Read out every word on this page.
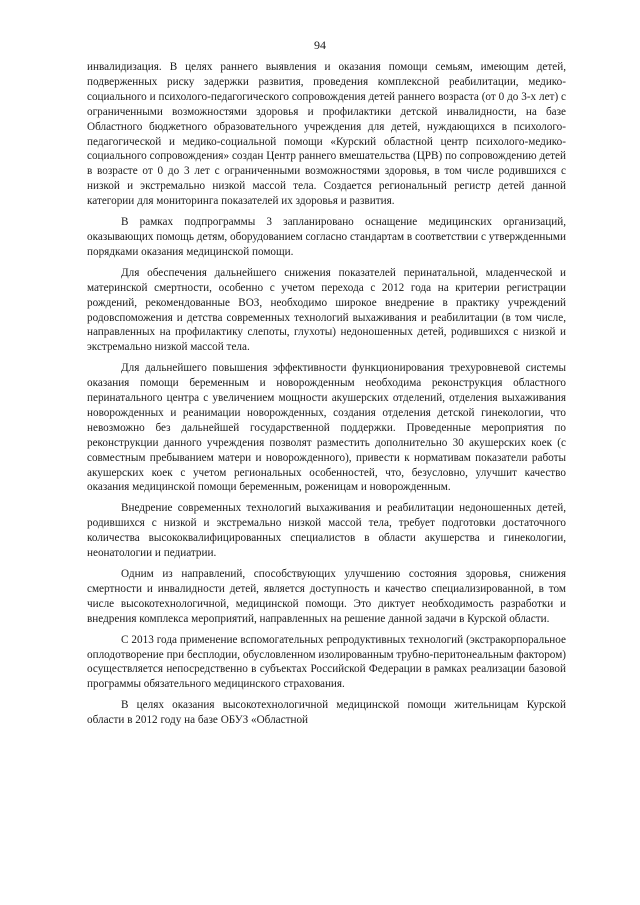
94

инвалидизация. В целях раннего выявления и оказания помощи семьям, имеющим детей, подверженных риску задержки развития, проведения комплексной реабилитации, медико-социального и психолого-педагогического сопровождения детей раннего возраста (от 0 до 3-х лет) с ограниченными возможностями здоровья и профилактики детской инвалидности, на базе Областного бюджетного образовательного учреждения для детей, нуждающихся в психолого-педагогической и медико-социальной помощи «Курский областной центр психолого-медико-социального сопровождения» создан Центр раннего вмешательства (ЦРВ) по сопровождению детей в возрасте от 0 до 3 лет с ограниченными возможностями здоровья, в том числе родившихся с низкой и экстремально низкой массой тела. Создается региональный регистр детей данной категории для мониторинга показателей их здоровья и развития.

В рамках подпрограммы 3 запланировано оснащение медицинских организаций, оказывающих помощь детям, оборудованием согласно стандартам в соответствии с утвержденными порядками оказания медицинской помощи.

Для обеспечения дальнейшего снижения показателей перинатальной, младенческой и материнской смертности, особенно с учетом перехода с 2012 года на критерии регистрации рождений, рекомендованные ВОЗ, необходимо широкое внедрение в практику учреждений родовспоможения и детства современных технологий выхаживания и реабилитации (в том числе, направленных на профилактику слепоты, глухоты) недоношенных детей, родившихся с низкой и экстремально низкой массой тела.

Для дальнейшего повышения эффективности функционирования трехуровневой системы оказания помощи беременным и новорожденным необходима реконструкция областного перинатального центра с увеличением мощности акушерских отделений, отделения выхаживания новорожденных и реанимации новорожденных, создания отделения детской гинекологии, что невозможно без дальнейшей государственной поддержки. Проведенные мероприятия по реконструкции данного учреждения позволят разместить дополнительно 30 акушерских коек (с совместным пребыванием матери и новорожденного), привести к нормативам показатели работы акушерских коек с учетом региональных особенностей, что, безусловно, улучшит качество оказания медицинской помощи беременным, роженицам и новорожденным.

Внедрение современных технологий выхаживания и реабилитации недоношенных детей, родившихся с низкой и экстремально низкой массой тела, требует подготовки достаточного количества высококвалифицированных специалистов в области акушерства и гинекологии, неонатологии и педиатрии.

Одним из направлений, способствующих улучшению состояния здоровья, снижения смертности и инвалидности детей, является доступность и качество специализированной, в том числе высокотехнологичной, медицинской помощи. Это диктует необходимость разработки и внедрения комплекса мероприятий, направленных на решение данной задачи в Курской области.

С 2013 года применение вспомогательных репродуктивных технологий (экстракорпоральное оплодотворение при бесплодии, обусловленном изолированным трубно-перитонеальным фактором) осуществляется непосредственно в субъектах Российской Федерации в рамках реализации базовой программы обязательного медицинского страхования.

В целях оказания высокотехнологичной медицинской помощи жительницам Курской области в 2012 году на базе ОБУЗ «Областной
